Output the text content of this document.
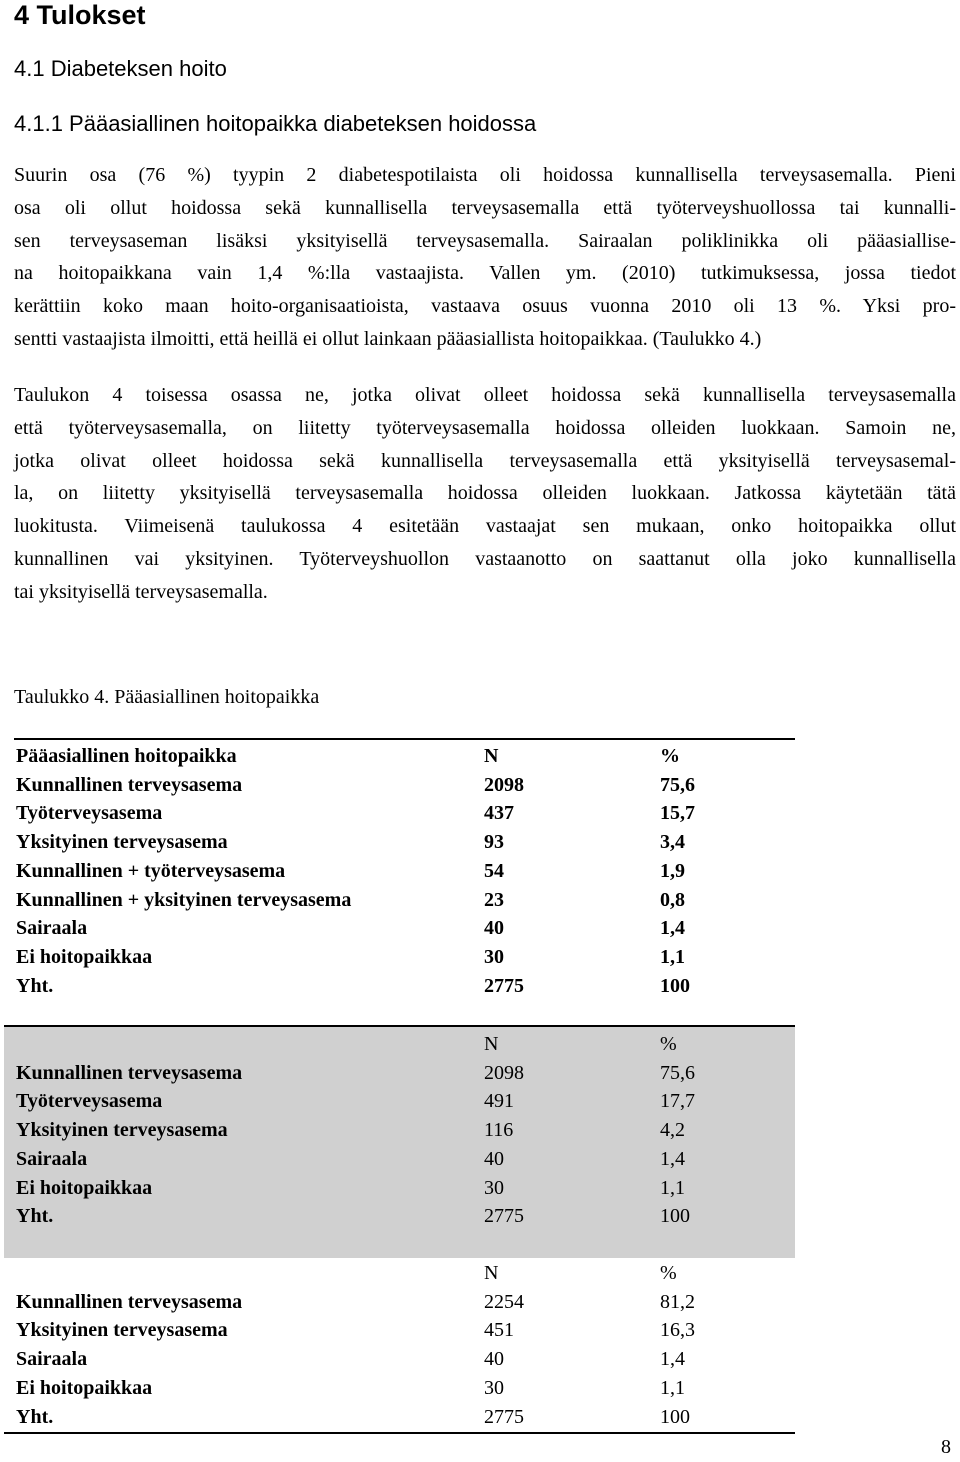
4 Tulokset
4.1 Diabeteksen hoito
4.1.1 Pääasiallinen hoitopaikka diabeteksen hoidossa
Suurin osa (76 %) tyypin 2 diabetespotilaista oli hoidossa kunnallisella terveysasemalla. Pieni
osa oli ollut hoidossa sekä kunnallisella terveysasemalla että työterveyshuollossa tai kunnalli-
sen terveysaseman lisäksi yksityisellä terveysasemalla. Sairaalan poliklinikka oli pääasiallise-
na hoitopaikkana vain 1,4 %:lla vastaajista. Vallen ym. (2010) tutkimuksessa, jossa tiedot
kerättiin koko maan hoito-organisaatioista, vastaava osuus vuonna 2010 oli 13 %. Yksi pro-
sentti vastaajista ilmoitti, että heillä ei ollut lainkaan pääasiallista hoitopaikkaa. (Taulukko 4.)
Taulukon 4 toisessa osassa ne, jotka olivat olleet hoidossa sekä kunnallisella terveysasemalla
että työterveysasemalla, on liitetty työterveysasemalla hoidossa olleiden luokkaan. Samoin ne,
jotka olivat olleet hoidossa sekä kunnallisella terveysasemalla että yksityisellä terveysasemal-
la, on liitetty yksityisellä terveysasemalla hoidossa olleiden luokkaan. Jatkossa käytetään tätä
luokitusta. Viimeisenä taulukossa 4 esitetään vastaajat sen mukaan, onko hoitopaikka ollut
kunnallinen vai yksityinen. Työterveyshuollon vastaanotto on saattanut olla joko kunnallisella
tai yksityisellä terveysasemalla.
Taulukko 4. Pääasiallinen hoitopaikka
Pääasiallinen hoitopaikka	N	%
Kunnallinen terveysasema	2098	75,6
Työterveysasema	437	15,7
Yksityinen terveysasema	93	3,4
Kunnallinen + työterveysasema	54	1,9
Kunnallinen + yksityinen terveysasema	23	0,8
Sairaala	40	1,4
Ei hoitopaikkaa	30	1,1
Yht.	2775	100
N	%
Kunnallinen terveysasema	2098	75,6
Työterveysasema	491	17,7
Yksityinen terveysasema	116	4,2
Sairaala	40	1,4
Ei hoitopaikkaa	30	1,1
Yht.	2775	100
N	%
Kunnallinen terveysasema	2254	81,2
Yksityinen terveysasema	451	16,3
Sairaala	40	1,4
Ei hoitopaikkaa	30	1,1
Yht.	2775	100
8
